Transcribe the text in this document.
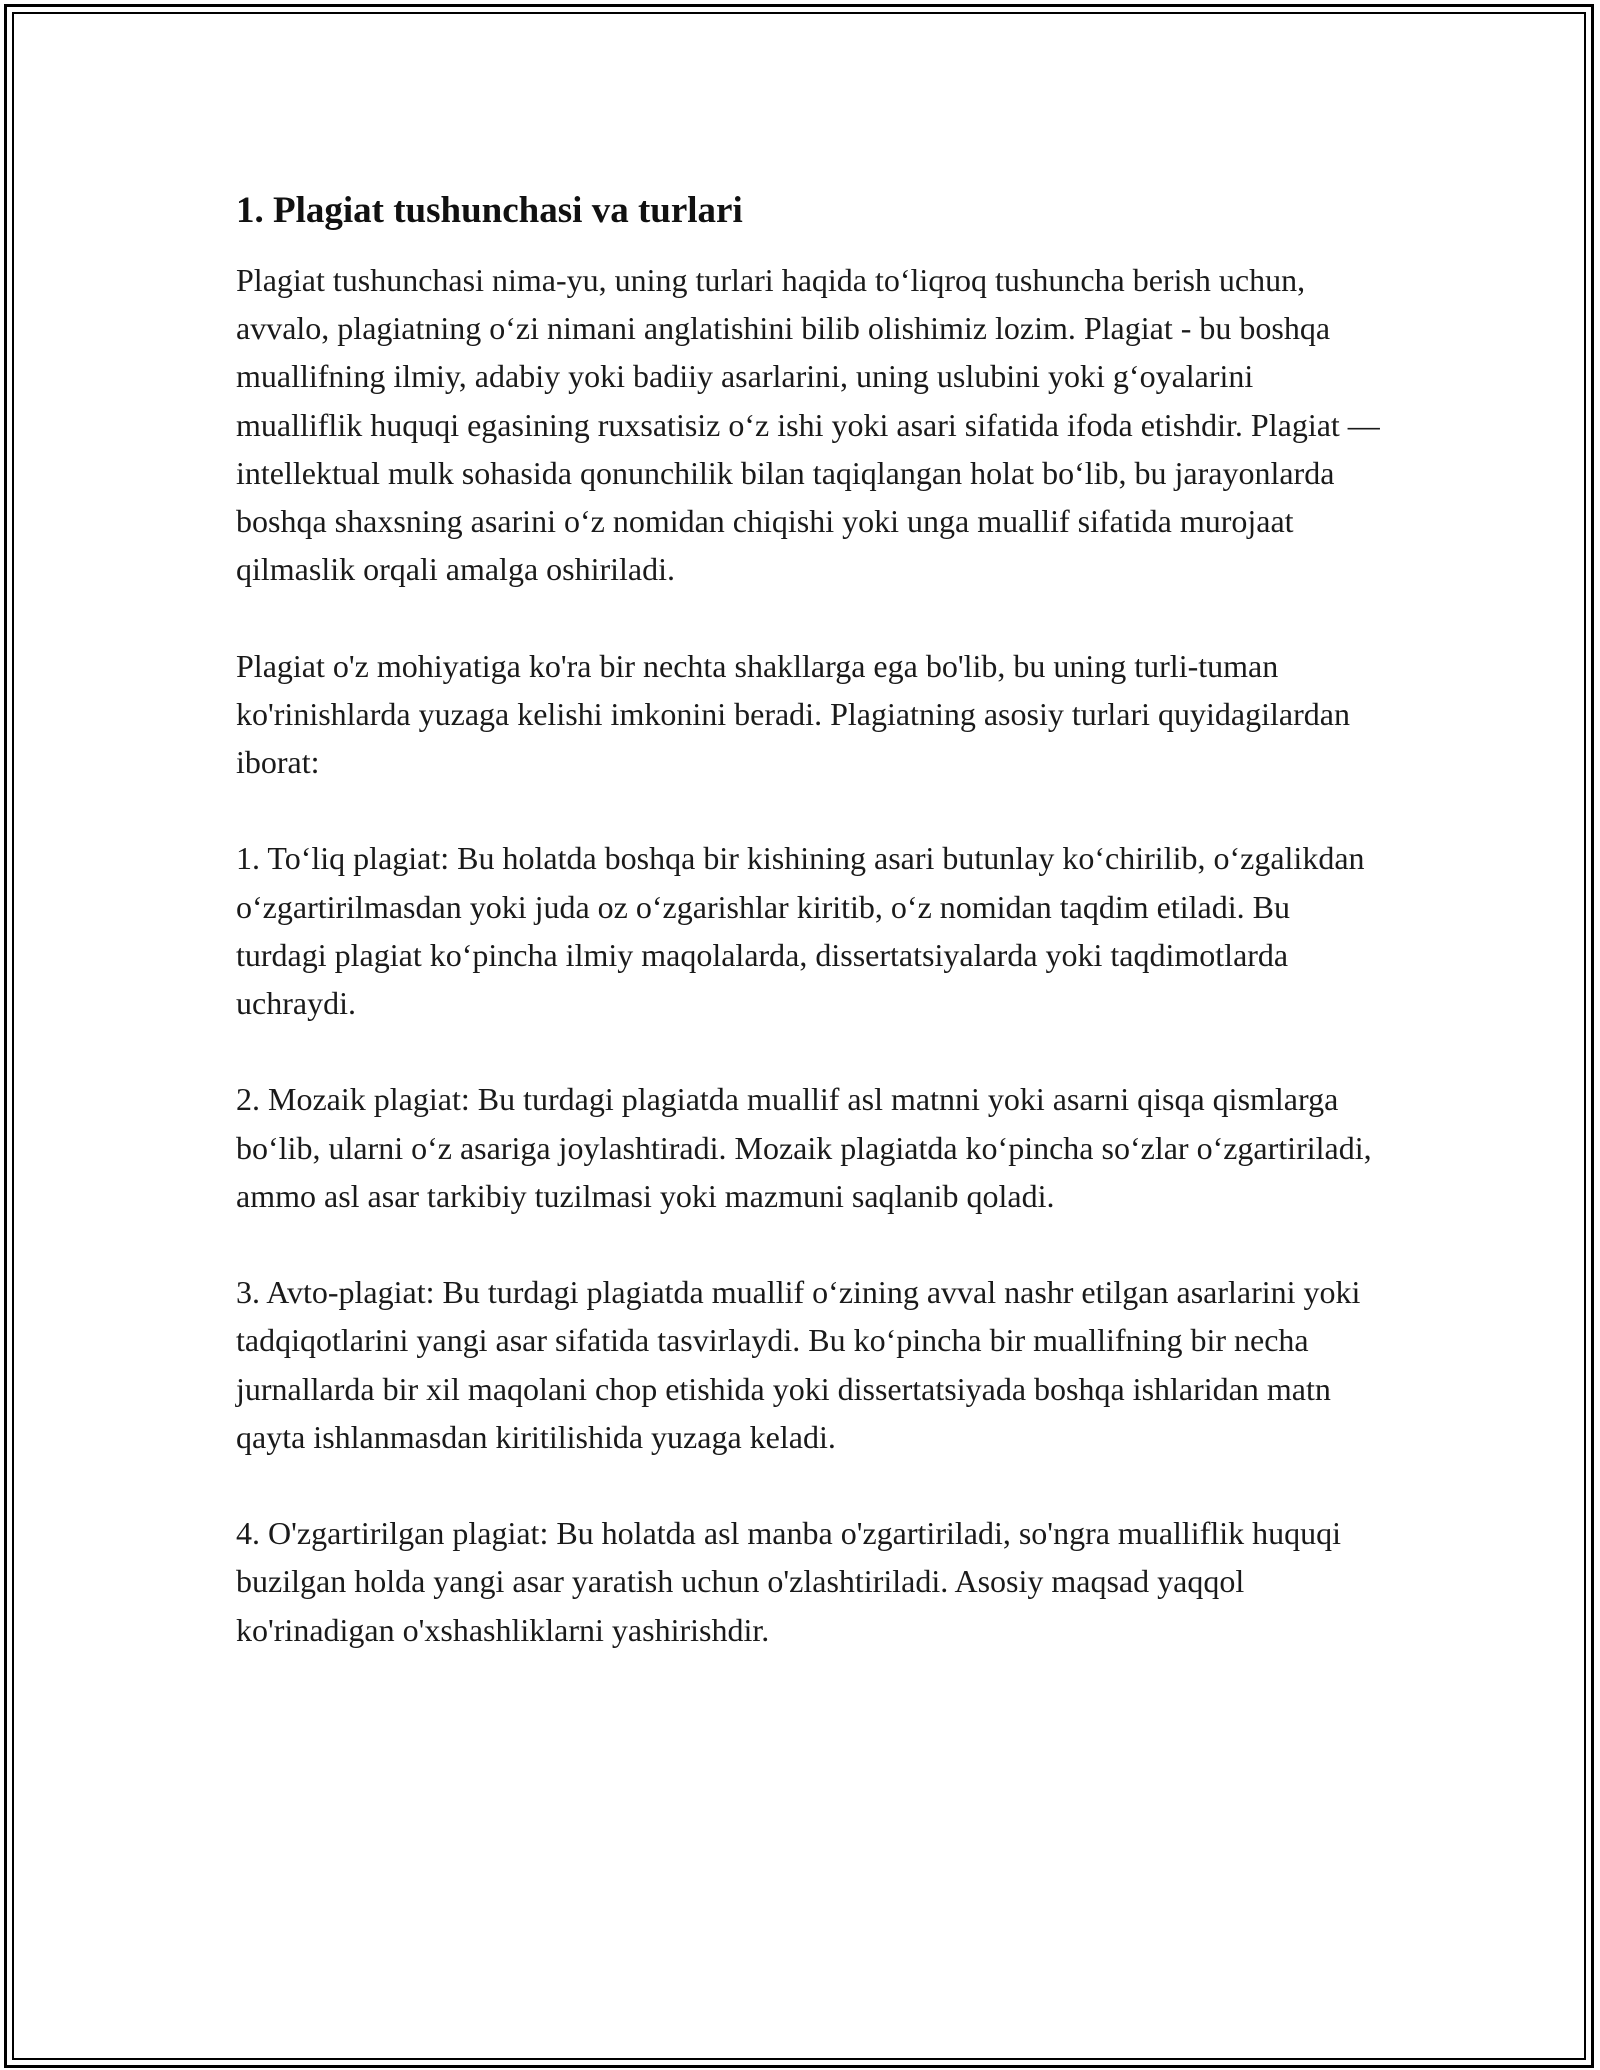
1. Plagiat tushunchasi va turlari

Plagiat tushunchasi nima-yu, uning turlari haqida to‘liqroq tushuncha berish uchun, avvalo, plagiatning o‘zi nimani anglatishini bilib olishimiz lozim. Plagiat - bu boshqa muallifning ilmiy, adabiy yoki badiiy asarlarini, uning uslubini yoki g‘oyalarini mualliflik huquqi egasining ruxsatisiz o‘z ishi yoki asari sifatida ifoda etishdir. Plagiat — intellektual mulk sohasida qonunchilik bilan taqiqlangan holat bo‘lib, bu jarayonlarda boshqa shaxsning asarini o‘z nomidan chiqishi yoki unga muallif sifatida murojaat qilmaslik orqali amalga oshiriladi.

Plagiat o'z mohiyatiga ko'ra bir nechta shakllarga ega bo'lib, bu uning turli-tuman ko'rinishlarda yuzaga kelishi imkonini beradi. Plagiatning asosiy turlari quyidagilardan iborat:

1. To‘liq plagiat: Bu holatda boshqa bir kishining asari butunlay ko‘chirilib, o‘zgalikdan o‘zgartirilmasdan yoki juda oz o‘zgarishlar kiritib, o‘z nomidan taqdim etiladi. Bu turdagi plagiat ko‘pincha ilmiy maqolalarda, dissertatsiyalarda yoki taqdimotlarda uchraydi.

2. Mozaik plagiat: Bu turdagi plagiatda muallif asl matnni yoki asarni qisqa qismlarga bo‘lib, ularni o‘z asariga joylashtiradi. Mozaik plagiatda ko‘pincha so‘zlar o‘zgartiriladi, ammo asl asar tarkibiy tuzilmasi yoki mazmuni saqlanib qoladi.

3. Avto-plagiat: Bu turdagi plagiatda muallif o‘zining avval nashr etilgan asarlarini yoki tadqiqotlarini yangi asar sifatida tasvirlaydi. Bu ko‘pincha bir muallifning bir necha jurnallarda bir xil maqolani chop etishida yoki dissertatsiyada boshqa ishlaridan matn qayta ishlanmasdan kiritilishida yuzaga keladi.

4. O'zgartirilgan plagiat: Bu holatda asl manba o'zgartiriladi, so'ngra mualliflik huquqi buzilgan holda yangi asar yaratish uchun o'zlashtiriladi. Asosiy maqsad yaqqol ko'rinadigan o'xshashliklarni yashirishdir.
